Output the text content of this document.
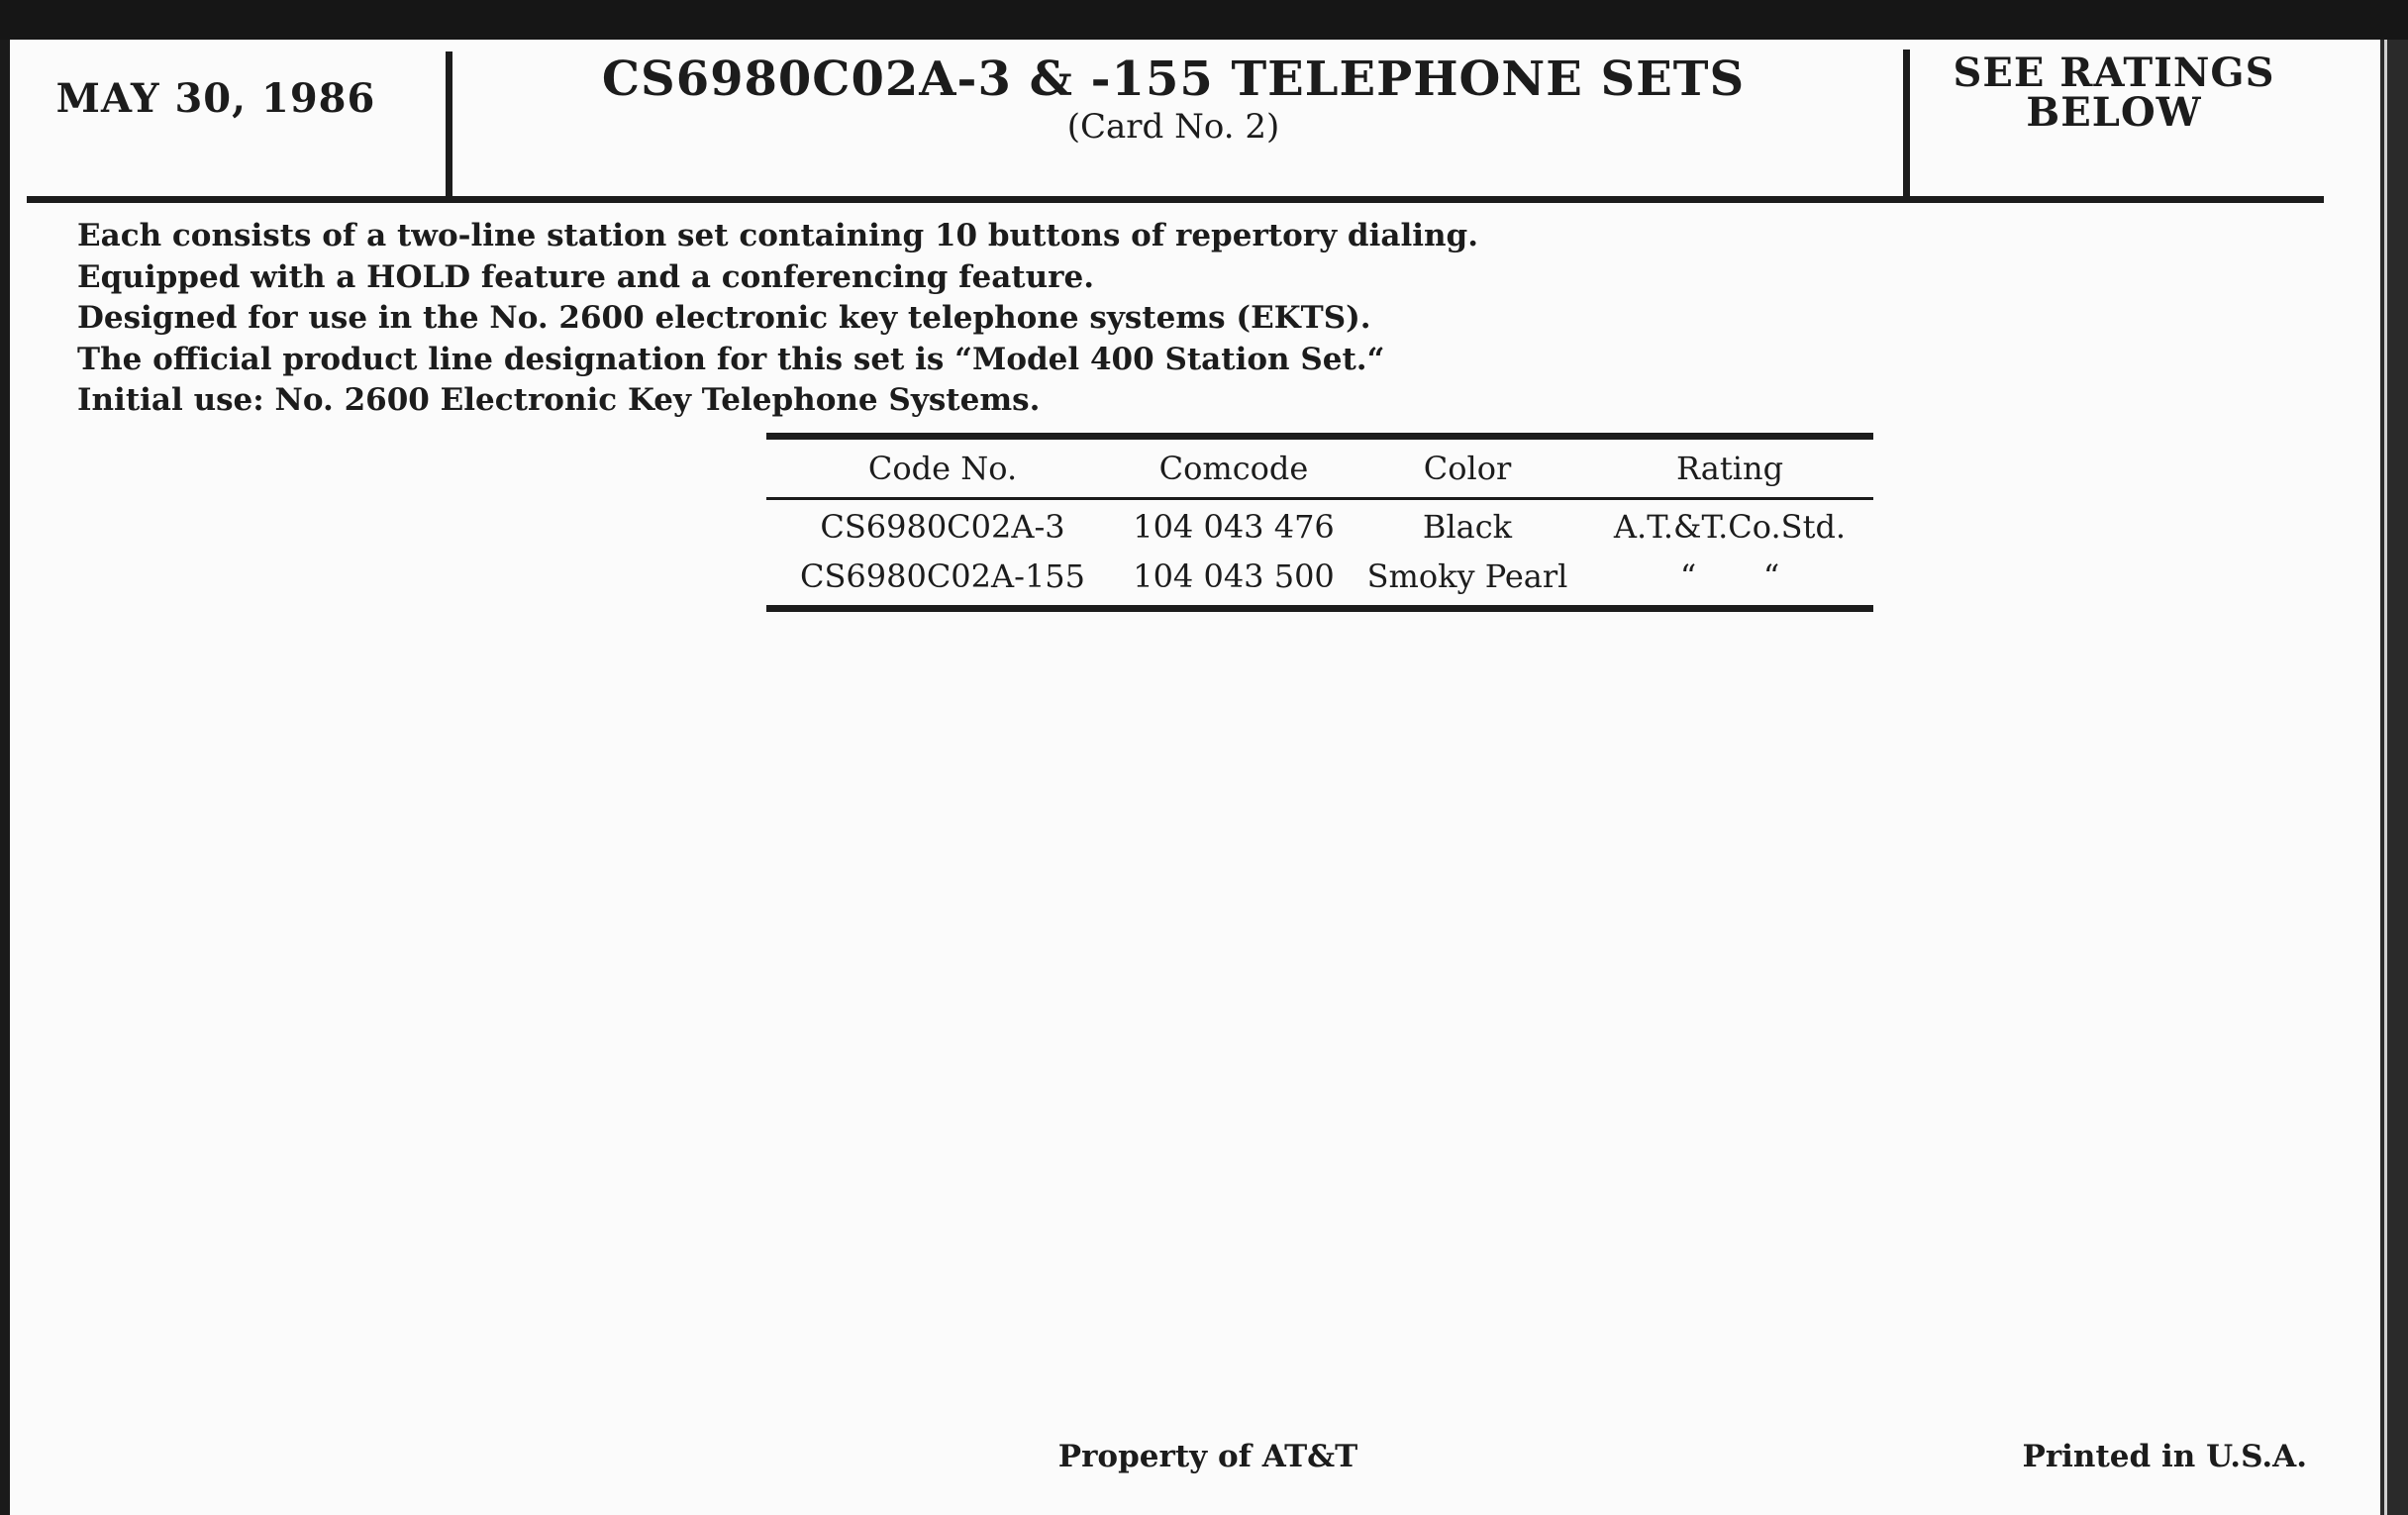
MAY 30, 1986	CS6980C02A-3 & -155 TELEPHONE SETS
(Card No. 2)
SEE RATINGS
BELOW
Each consists of a two-line station set containing 10 buttons of repertory dialing.
Equipped with a HOLD feature and a conferencing feature.
Designed for use in the No. 2600 electronic key telephone systems (EKTS).
The official product line designation for this set is “Model 400 Station Set.“
Initial use: No. 2600 Electronic Key Telephone Systems.
Code No.	Comcode	Color	Rating
CS6980C02A-3	104 043 476	Black	A.T.&T.Co.Std.
CS6980C02A-155	104 043 500	Smoky Pearl	“ “
Property of AT&T	Printed in U.S.A.
